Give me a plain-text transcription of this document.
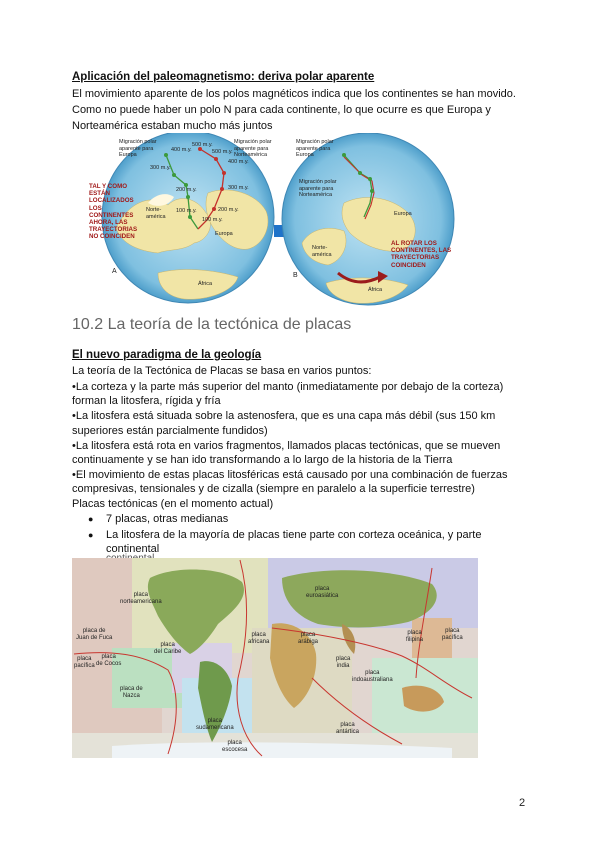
Aplicación del paleomagnetismo: deriva polar aparente
El movimiento aparente de los polos magnéticos indica que los continentes se han movido.
Como no puede haber un polo N para cada continente, lo que ocurre es que Europa y
Norteamérica estaban mucho más juntos
Migración polar
aparente para
Europa
Migración polar
aparente para
Norteamérica
TAL Y COMO
ESTÁN
LOCALIZADOS
LOS
CONTINENTES
AHORA, LAS
TRAYECTORIAS
NO COINCIDEN
400 m.y.
500 m.y.
300 m.y.
200 m.y.
100 m.y.
300 m.y.
400 m.y.
500 m.y.
200 m.y.
100 m.y.
Norte-
américa
Europa
África
A
Migración polar
aparente para
Europa
Migración polar
aparente para
Norteamérica
AL ROTAR LOS
CONTINENTES, LAS
TRAYECTORIAS
COINCIDEN
Europa
Norte-
américa
África
B
10.2 La teoría de la tectónica de placas
El nuevo paradigma de la geología
La teoría de la Tectónica de Placas se basa en varios puntos:
•La corteza y la parte más superior del manto (inmediatamente por debajo de la corteza)
forman la litosfera, rígida y fría
•La litosfera está situada sobre la astenosfera, que es una capa más débil (sus 150 km
superiores están parcialmente fundidos)
•La litosfera está rota en varios fragmentos, llamados placas tectónicas, que se mueven
continuamente y se han ido transformando a lo largo de la historia de la Tierra
•El movimiento de estas placas litosféricas está causado por una combinación de fuerzas
compresivas, tensionales y de cizalla (siempre en paralelo a la superficie terrestre)
Placas tectónicas (en el momento actual)
● 7 placas, otras medianas
● La litosfera de la mayoría de placas tiene parte con corteza oceánica, y parte continental
placa
pacífica
placa
pacífica
placa
norteamericana
placa
euroasiática
placa de
Juan de Fuca
placa
del Caribe
placa
de Cocos
placa de
Nazca
placa
sudamericana
placa
africana
placa
arábiga
placa
india
placa
filipina
placa
indoaustraliana
placa
antártica
placa
escocesa
2
